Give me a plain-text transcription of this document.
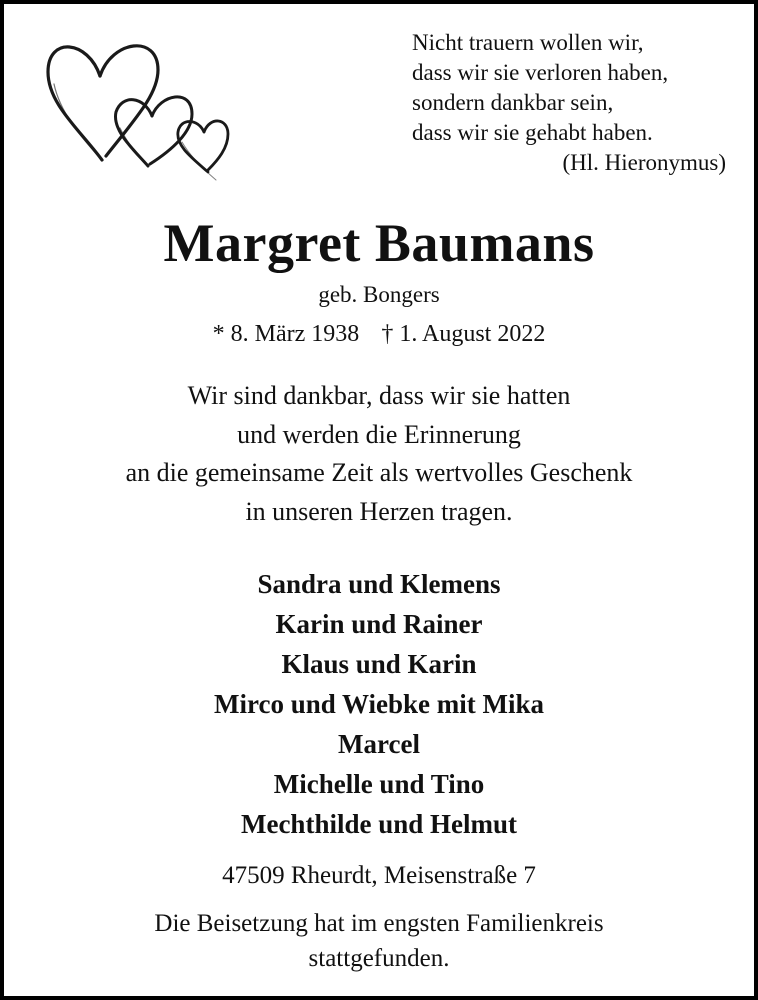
Nicht trauern wollen wir,
dass wir sie verloren haben,
sondern dankbar sein,
dass wir sie gehabt haben.
(Hl. Hieronymus)
Margret Baumans
geb. Bongers
* 8. März 1938 † 1. August 2022
Wir sind dankbar, dass wir sie hatten
und werden die Erinnerung
an die gemeinsame Zeit als wertvolles Geschenk
in unseren Herzen tragen.
Sandra und Klemens
Karin und Rainer
Klaus und Karin
Mirco und Wiebke mit Mika
Marcel
Michelle und Tino
Mechthilde und Helmut
47509 Rheurdt, Meisenstraße 7
Die Beisetzung hat im engsten Familienkreis
stattgefunden.
